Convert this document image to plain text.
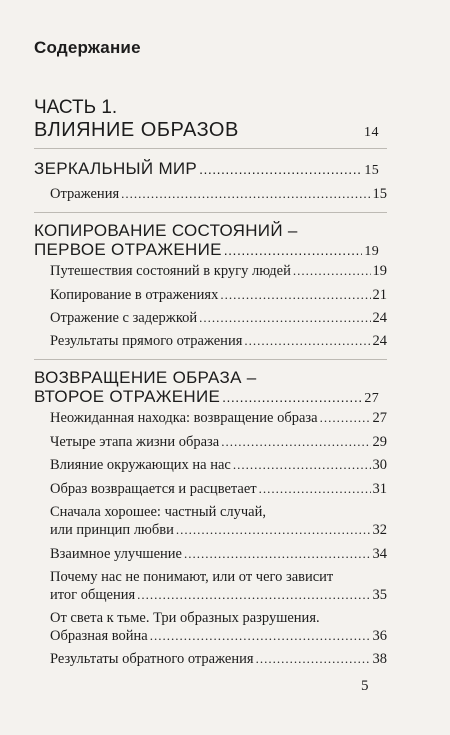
Содержание
ЧАСТЬ 1.
ВЛИЯНИЕ ОБРАЗОВ	14
ЗЕРКАЛЬНЫЙ МИР .....	15
Отражения .....	15
КОПИРОВАНИЕ СОСТОЯНИЙ –
ПЕРВОЕ ОТРАЖЕНИЕ .....	19
Путешествия состояний в кругу людей .....	19
Копирование в отражениях .....	21
Отражение с задержкой .....	24
Результаты прямого отражения .....	24
ВОЗВРАЩЕНИЕ ОБРАЗА –
ВТОРОЕ ОТРАЖЕНИЕ .....	27
Неожиданная находка: возвращение образа .....	27
Четыре этапа жизни образа .....	29
Влияние окружающих на нас .....	30
Образ возвращается и расцветает .....	31
Сначала хорошее: частный случай,
или принцип любви .....	32
Взаимное улучшение .....	34
Почему нас не понимают, или от чего зависит
итог общения .....	35
От света к тьме. Три образных разрушения.
Образная война .....	36
Результаты обратного отражения .....	38
5
